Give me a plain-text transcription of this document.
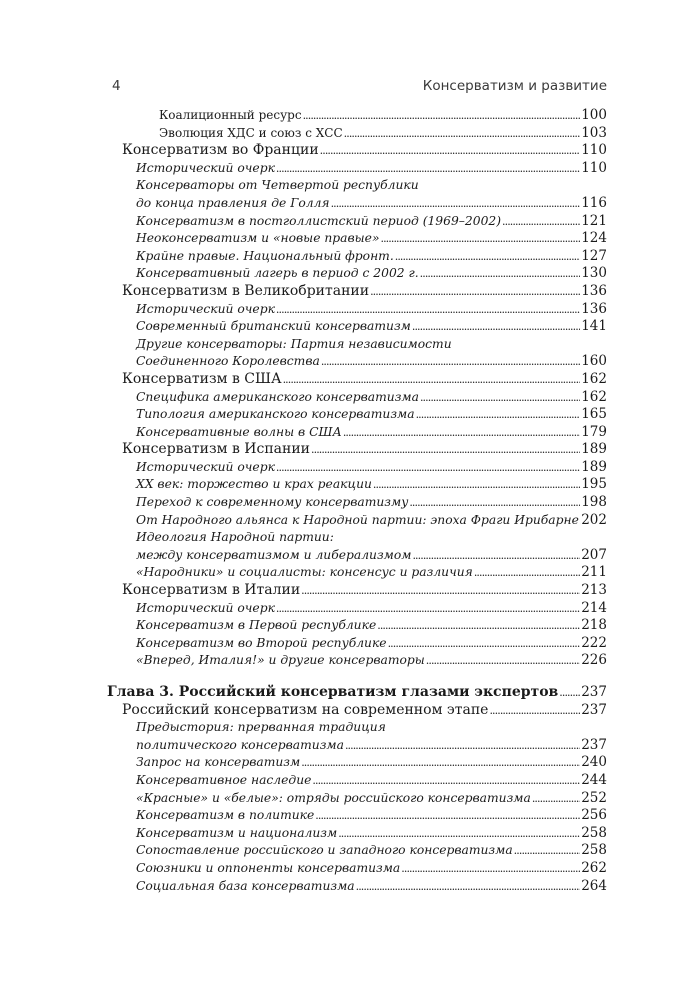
4	Консерватизм и развитие
Коалиционный ресурс . . .	100
Эволюция ХДС и союз с ХСС . . .	103
Консерватизм во Франции . . .	110
Исторический очерк . . .	110
Консерваторы от Четвертой республики
до конца правления де Голля . . .	116
Консерватизм в постголлистский период (1969–2002) . . .	121
Неоконсерватизм и «новые правые» . . .	124
Крайне правые. Национальный фронт. . . .	127
Консервативный лагерь в период с 2002 г. . . .	130
Консерватизм в Великобритании . . .	136
Исторический очерк . . .	136
Современный британский консерватизм . . .	141
Другие консерваторы: Партия независимости
Соединенного Королевства . . .	160
Консерватизм в США . . .	162
Специфика американского консерватизма . . .	162
Типология американского консерватизма . . .	165
Консервативные волны в США . . .	179
Консерватизм в Испании . . .	189
Исторический очерк . . .	189
XX век: торжество и крах реакции . . .	195
Переход к современному консерватизму . . .	198
От Народного альянса к Народной партии: эпоха Фраги Ирибарне . . . 202
Идеология Народной партии:
между консерватизмом и либерализмом . . .	207
«Народники» и социалисты: консенсус и различия . . .	211
Консерватизм в Италии . . .	213
Исторический очерк . . .	214
Консерватизм в Первой республике . . .	218
Консерватизм во Второй республике . . .	222
«Вперед, Италия!» и другие консерваторы . . .	226
Глава 3. Российский консерватизм глазами экспертов . . . 237
Российский консерватизм на современном этапе . . .	237
Предыстория: прерванная традиция
политического консерватизма . . .	237
Запрос на консерватизм . . .	240
Консервативное наследие . . .	244
«Красные» и «белые»: отряды российского консерватизма . . .	252
Консерватизм в политике . . .	256
Консерватизм и национализм . . .	258
Сопоставление российского и западного консерватизма . . .	258
Союзники и оппоненты консерватизма . . .	262
Социальная база консерватизма . . .	264
